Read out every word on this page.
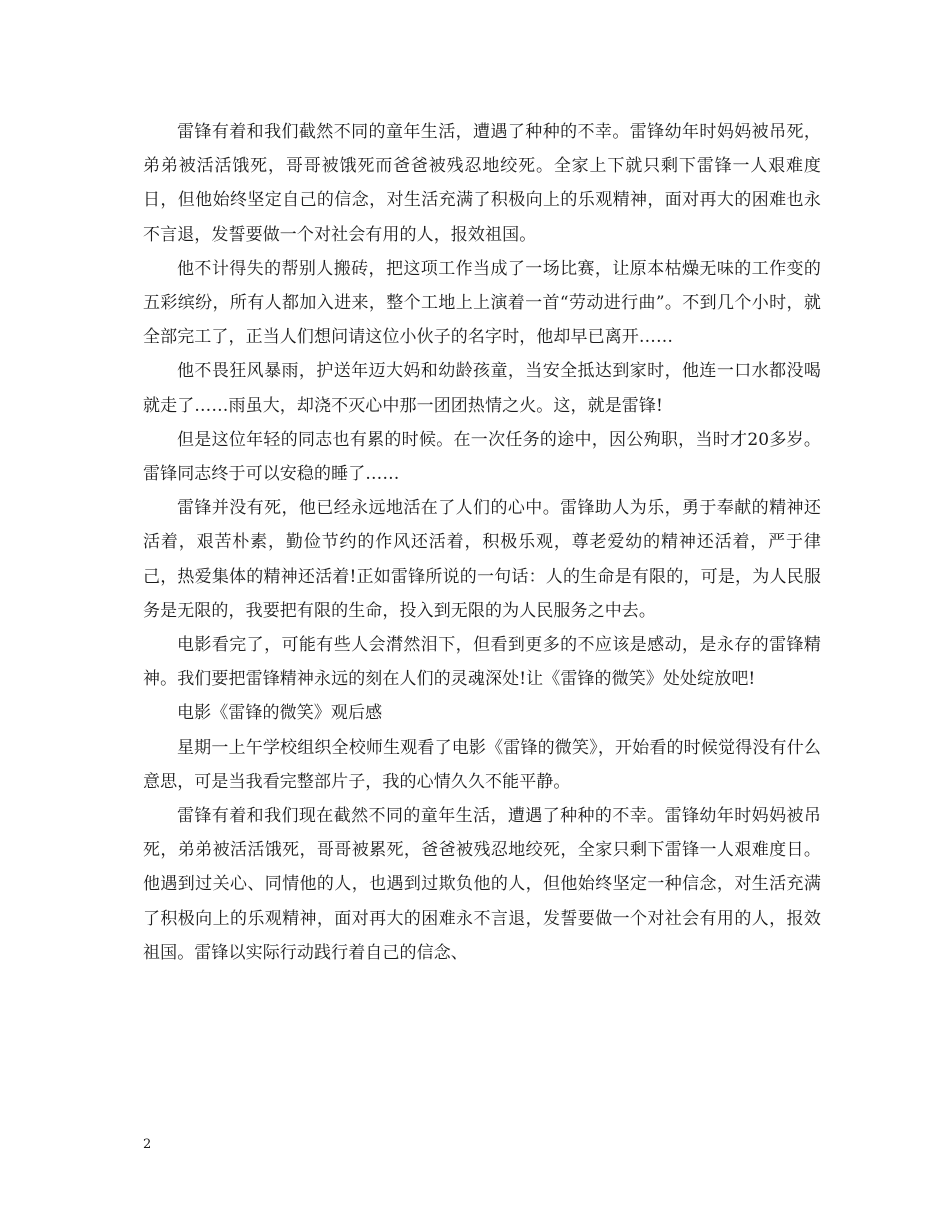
雷锋有着和我们截然不同的童年生活，遭遇了种种的不幸。雷锋幼年时妈妈被吊死，弟弟被活活饿死，哥哥被饿死而爸爸被残忍地绞死。全家上下就只剩下雷锋一人艰难度日，但他始终坚定自己的信念，对生活充满了积极向上的乐观精神，面对再大的困难也永不言退，发誓要做一个对社会有用的人，报效祖国。

他不计得失的帮别人搬砖，把这项工作当成了一场比赛，让原本枯燥无味的工作变的五彩缤纷，所有人都加入进来，整个工地上上演着一首“劳动进行曲”。不到几个小时，就全部完工了，正当人们想问请这位小伙子的名字时，他却早已离开……

他不畏狂风暴雨，护送年迈大妈和幼龄孩童，当安全抵达到家时，他连一口水都没喝就走了……雨虽大，却浇不灭心中那一团团热情之火。这，就是雷锋!

但是这位年轻的同志也有累的时候。在一次任务的途中，因公殉职，当时才20多岁。雷锋同志终于可以安稳的睡了……

雷锋并没有死，他已经永远地活在了人们的心中。雷锋助人为乐，勇于奉献的精神还活着，艰苦朴素，勤俭节约的作风还活着，积极乐观，尊老爱幼的精神还活着，严于律己，热爱集体的精神还活着!正如雷锋所说的一句话：人的生命是有限的，可是，为人民服务是无限的，我要把有限的生命，投入到无限的为人民服务之中去。

电影看完了，可能有些人会潸然泪下，但看到更多的不应该是感动，是永存的雷锋精神。我们要把雷锋精神永远的刻在人们的灵魂深处!让《雷锋的微笑》处处绽放吧!

电影《雷锋的微笑》观后感

星期一上午学校组织全校师生观看了电影《雷锋的微笑》，开始看的时候觉得没有什么意思，可是当我看完整部片子，我的心情久久不能平静。

雷锋有着和我们现在截然不同的童年生活，遭遇了种种的不幸。雷锋幼年时妈妈被吊死，弟弟被活活饿死，哥哥被累死，爸爸被残忍地绞死，全家只剩下雷锋一人艰难度日。他遇到过关心、同情他的人，也遇到过欺负他的人，但他始终坚定一种信念，对生活充满了积极向上的乐观精神，面对再大的困难永不言退，发誓要做一个对社会有用的人，报效祖国。雷锋以实际行动践行着自己的信念、

2
